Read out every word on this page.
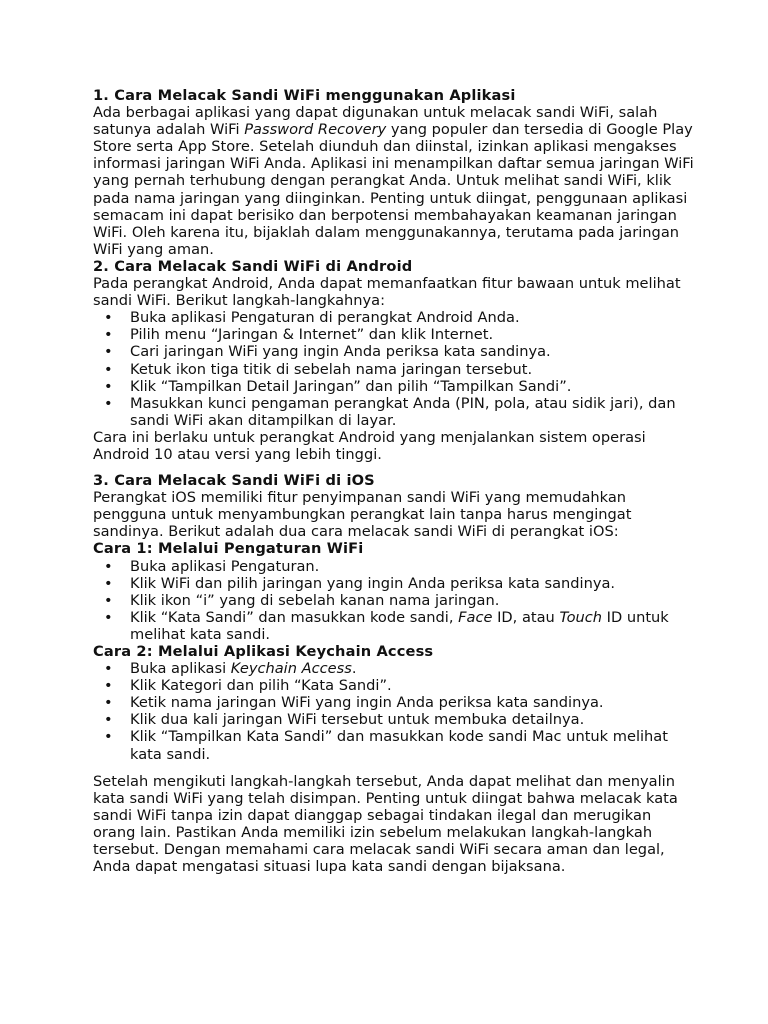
1. Cara Melacak Sandi WiFi menggunakan Aplikasi

Ada berbagai aplikasi yang dapat digunakan untuk melacak sandi WiFi, salah satunya adalah WiFi Password Recovery yang populer dan tersedia di Google Play Store serta App Store. Setelah diunduh dan diinstal, izinkan aplikasi mengakses informasi jaringan WiFi Anda. Aplikasi ini menampilkan daftar semua jaringan WiFi yang pernah terhubung dengan perangkat Anda. Untuk melihat sandi WiFi, klik pada nama jaringan yang diinginkan. Penting untuk diingat, penggunaan aplikasi semacam ini dapat berisiko dan berpotensi membahayakan keamanan jaringan WiFi. Oleh karena itu, bijaklah dalam menggunakannya, terutama pada jaringan WiFi yang aman.

2. Cara Melacak Sandi WiFi di Android

Pada perangkat Android, Anda dapat memanfaatkan fitur bawaan untuk melihat sandi WiFi. Berikut langkah-langkahnya:

• Buka aplikasi Pengaturan di perangkat Android Anda.
• Pilih menu “Jaringan & Internet” dan klik Internet.
• Cari jaringan WiFi yang ingin Anda periksa kata sandinya.
• Ketuk ikon tiga titik di sebelah nama jaringan tersebut.
• Klik “Tampilkan Detail Jaringan” dan pilih “Tampilkan Sandi”.
• Masukkan kunci pengaman perangkat Anda (PIN, pola, atau sidik jari), dan sandi WiFi akan ditampilkan di layar.

Cara ini berlaku untuk perangkat Android yang menjalankan sistem operasi Android 10 atau versi yang lebih tinggi.

3. Cara Melacak Sandi WiFi di iOS

Perangkat iOS memiliki fitur penyimpanan sandi WiFi yang memudahkan pengguna untuk menyambungkan perangkat lain tanpa harus mengingat sandinya. Berikut adalah dua cara melacak sandi WiFi di perangkat iOS:

Cara 1: Melalui Pengaturan WiFi
• Buka aplikasi Pengaturan.
• Klik WiFi dan pilih jaringan yang ingin Anda periksa kata sandinya.
• Klik ikon “i” yang di sebelah kanan nama jaringan.
• Klik “Kata Sandi” dan masukkan kode sandi, Face ID, atau Touch ID untuk melihat kata sandi.
Cara 2: Melalui Aplikasi Keychain Access
• Buka aplikasi Keychain Access.
• Klik Kategori dan pilih “Kata Sandi”.
• Ketik nama jaringan WiFi yang ingin Anda periksa kata sandinya.
• Klik dua kali jaringan WiFi tersebut untuk membuka detailnya.
• Klik “Tampilkan Kata Sandi” dan masukkan kode sandi Mac untuk melihat kata sandi.

Setelah mengikuti langkah-langkah tersebut, Anda dapat melihat dan menyalin kata sandi WiFi yang telah disimpan. Penting untuk diingat bahwa melacak kata sandi WiFi tanpa izin dapat dianggap sebagai tindakan ilegal dan merugikan orang lain. Pastikan Anda memiliki izin sebelum melakukan langkah-langkah tersebut. Dengan memahami cara melacak sandi WiFi secara aman dan legal, Anda dapat mengatasi situasi lupa kata sandi dengan bijaksana.
